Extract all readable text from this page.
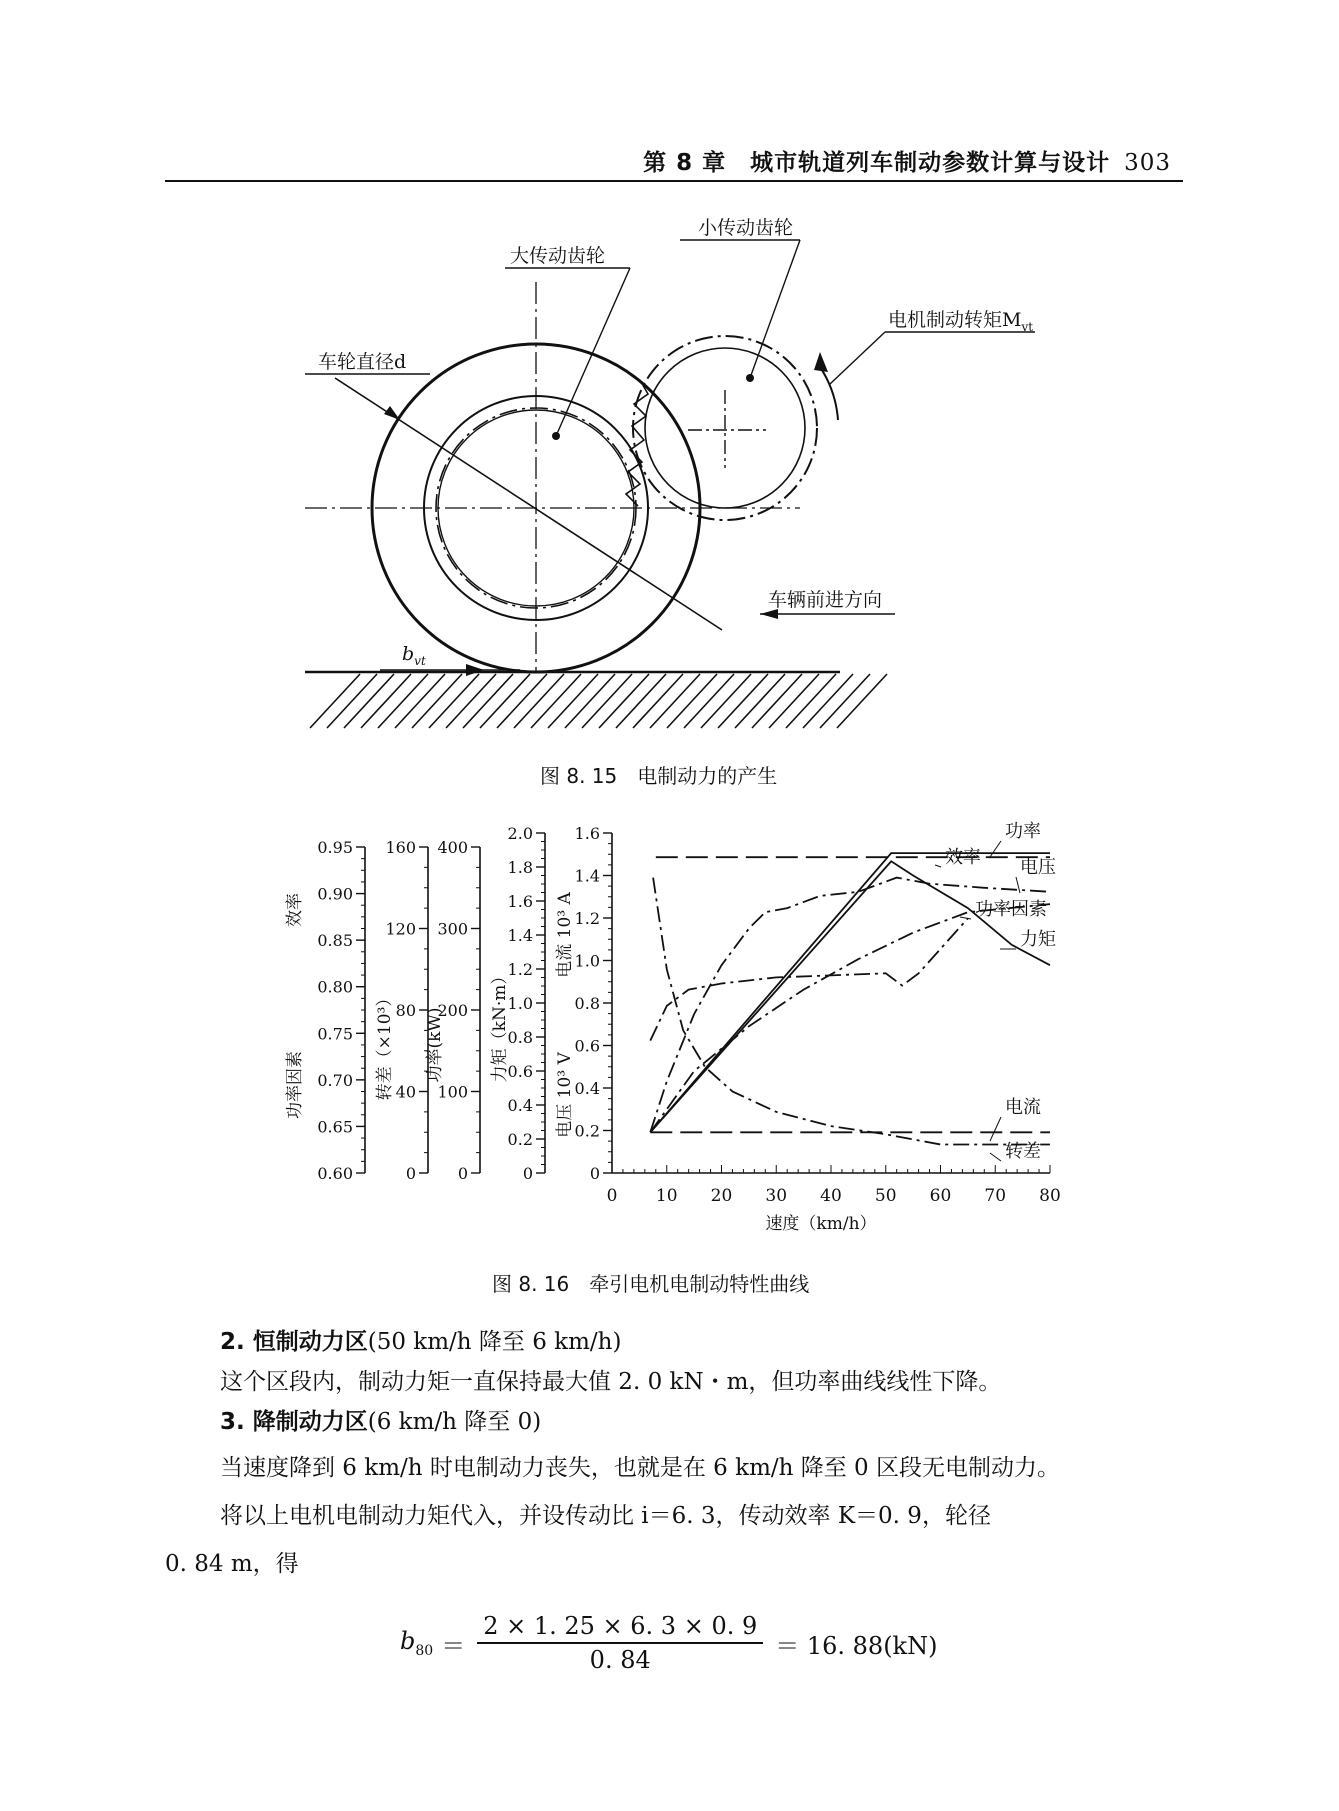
第 8 章　城市轨道列车制动参数计算与设计 303
大传动齿轮
小传动齿轮
车轮直径d
电机制动转矩$M_{vt}$
车辆前进方向
$b_{vt}$
图 8. 15　电制动力的产生
0.95
0.90
0.85
0.80
0.75
0.70
0.65
0.60
160
120
80
40
0
400
300
200
100
0
2.0
1.8
1.6
1.4
1.2
1.0
0.8
0.6
0.4
0.2
0
1.6
1.4
1.2
1.0
0.8
0.6
0.4
0.2
0
效率
功率因素	转差（×10³） 功率(kW)	力矩（kN·m）
电流 10³ A
电压 10³ V
0 10 20 30 40 50 60 70 80
速度（km/h）
功率
效率 电压
功率因素
力矩
电流
转差
图 8. 16　牵引电机电制动特性曲线
2. 恒制动力区(50 km/h 降至 6 km/h)
这个区段内，制动力矩一直保持最大值 2. 0 kN・m，但功率曲线线性下降。
3. 降制动力区(6 km/h 降至 0)
当速度降到 6 km/h 时电制动力丧失，也就是在 6 km/h 降至 0 区段无电制动力。
将以上电机电制动力矩代入，并设传动比 i＝6. 3，传动效率 K＝0. 9，轮径
0. 84 m，得
$b_{80} = \frac{2 \times 1. 25 \times 6. 3 \times 0. 9}{0. 84} = 16$. 88(kN)
